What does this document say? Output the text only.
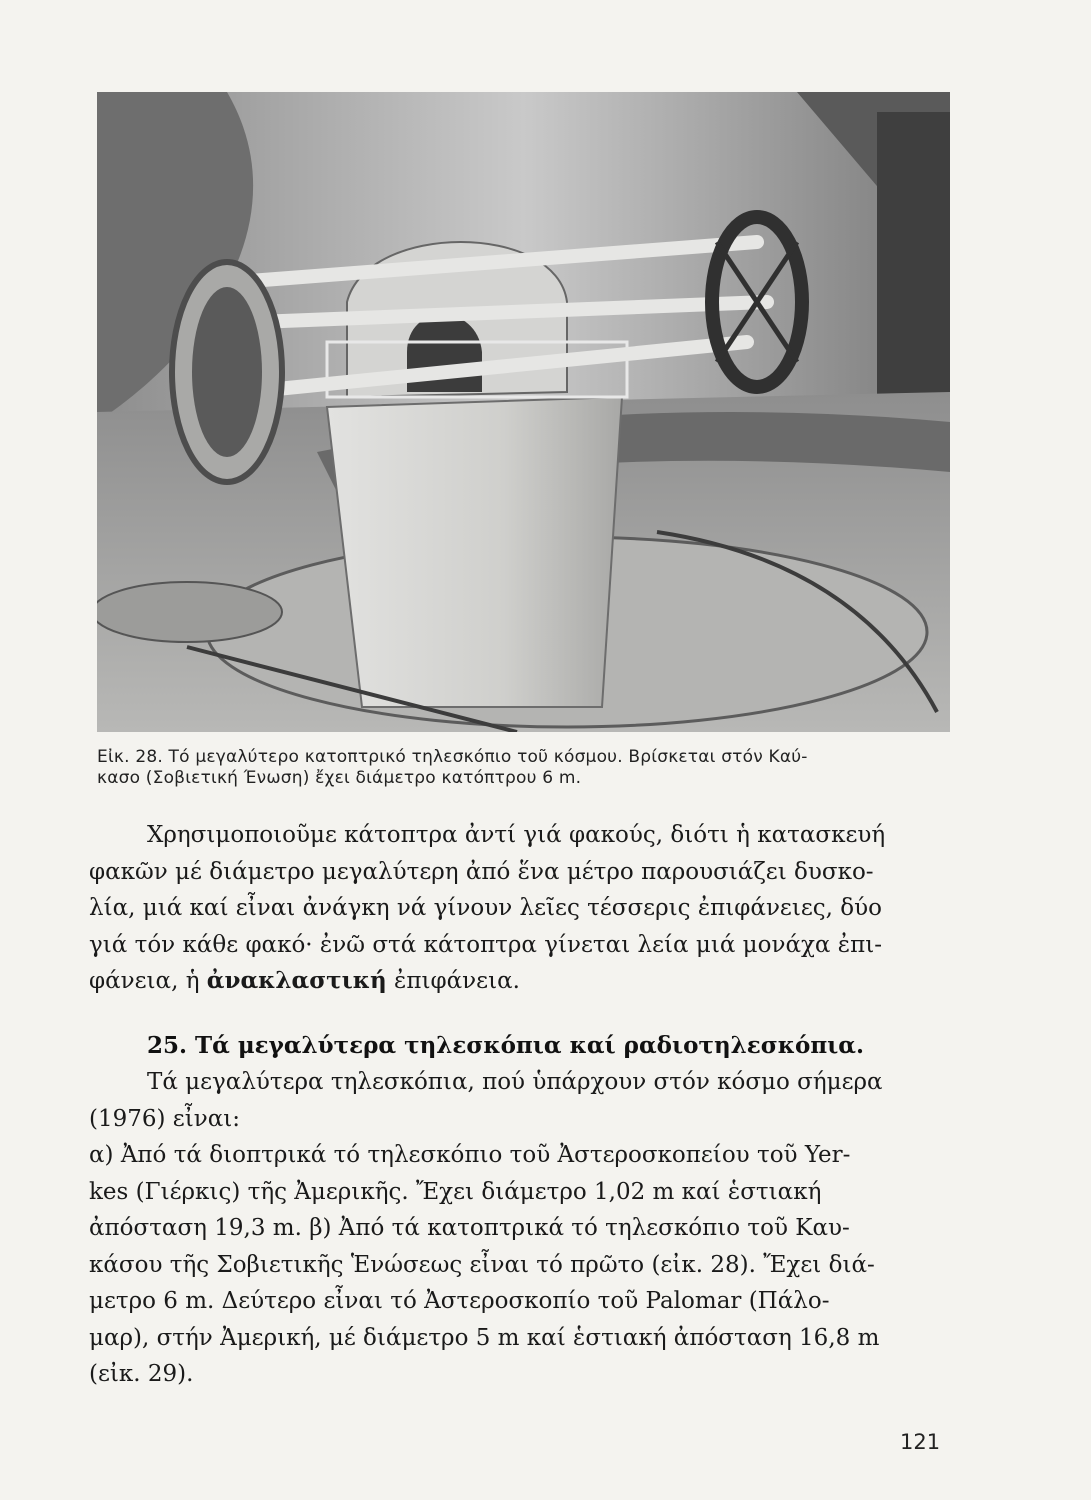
Εἰκ. 28. Τό μεγαλύτερο κατοπτρικό τηλεσκόπιο τοῦ κόσμου. Βρίσκεται στόν Καύ-

κασο (Σοβιετική Ένωση) ἔχει διάμετρο κατόπτρου 6 m.

Χρησιμοποιοῦμε κάτοπτρα ἀντί γιά φακούς, διότι ἡ κατασκευή

φακῶν μέ διάμετρο μεγαλύτερη ἀπό ἕνα μέτρο παρουσιάζει δυσκο-

λία, μιά καί εἶναι ἀνάγκη νά γίνουν λεῖες τέσσερις ἐπιφάνειες, δύο

γιά τόν κάθε φακό· ἐνῶ στά κάτοπτρα γίνεται λεία μιά μονάχα ἐπι-

φάνεια, ἡ ἀνακλαστική ἐπιφάνεια.

25. Τά μεγαλύτερα τηλεσκόπια καί ραδιοτηλεσκόπια.

Τά μεγαλύτερα τηλεσκόπια, πού ὑπάρχουν στόν κόσμο σήμερα

(1976) εἶναι:

α) Ἀπό τά διοπτρικά τό τηλεσκόπιο τοῦ Ἀστεροσκοπείου τοῦ Yer-

kes (Γιέρκις) τῆς Ἀμερικῆς. Ἔχει διάμετρο 1,02 m καί ἑστιακή

ἀπόσταση 19,3 m. β) Ἀπό τά κατοπτρικά τό τηλεσκόπιο τοῦ Καυ-

κάσου τῆς Σοβιετικῆς Ἑνώσεως εἶναι τό πρῶτο (εἰκ. 28). Ἔχει διά-

μετρο 6 m. Δεύτερο εἶναι τό Ἀστεροσκοπίο τοῦ Palomar (Πάλο-

μαρ), στήν Ἀμερική, μέ διάμετρο 5 m καί ἑστιακή ἀπόσταση 16,8 m

(εἰκ. 29).

121
